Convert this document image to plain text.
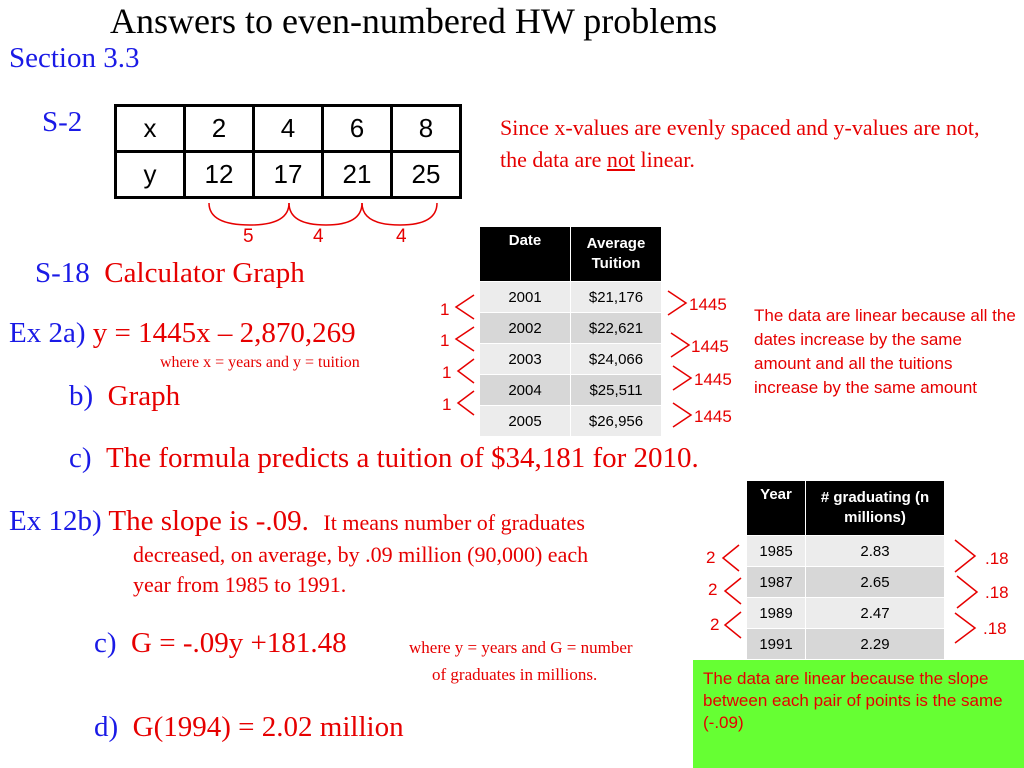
Answers to even-numbered HW problems
Section 3.3
S-2 x	2	4	6	8
y	12	17	21	25
5	4	4
Since x-values are evenly spaced and y-values are not, the data are not linear.
S-18 Calculator Graph
Ex 2a) y = 1445x – 2,870,269
where x = years and y = tuition
b) Graph
c) The formula predicts a tuition of $34,181 for 2010.
Date	Average Tuition
2001	$21,176
2002	$22,621
2003	$24,066
2004	$25,511
2005	$26,956
1
1
1
1
1445
1445
1445
1445
The data are linear because all the dates increase by the same amount and all the tuitions increase by the same amount
Ex 12b) The slope is -.09. It means number of graduates
decreased, on average, by .09 million (90,000) each
year from 1985 to 1991.
c) G = -.09y +181.48	where y = years and G = number
of graduates in millions.
d) G(1994) = 2.02 million
Year	# graduating (n millions)
1985	2.83
1987	2.65
1989	2.47
1991	2.29
2
2
2
.18
.18
.18
The data are linear because the slope between each pair of points is the same (-.09)
